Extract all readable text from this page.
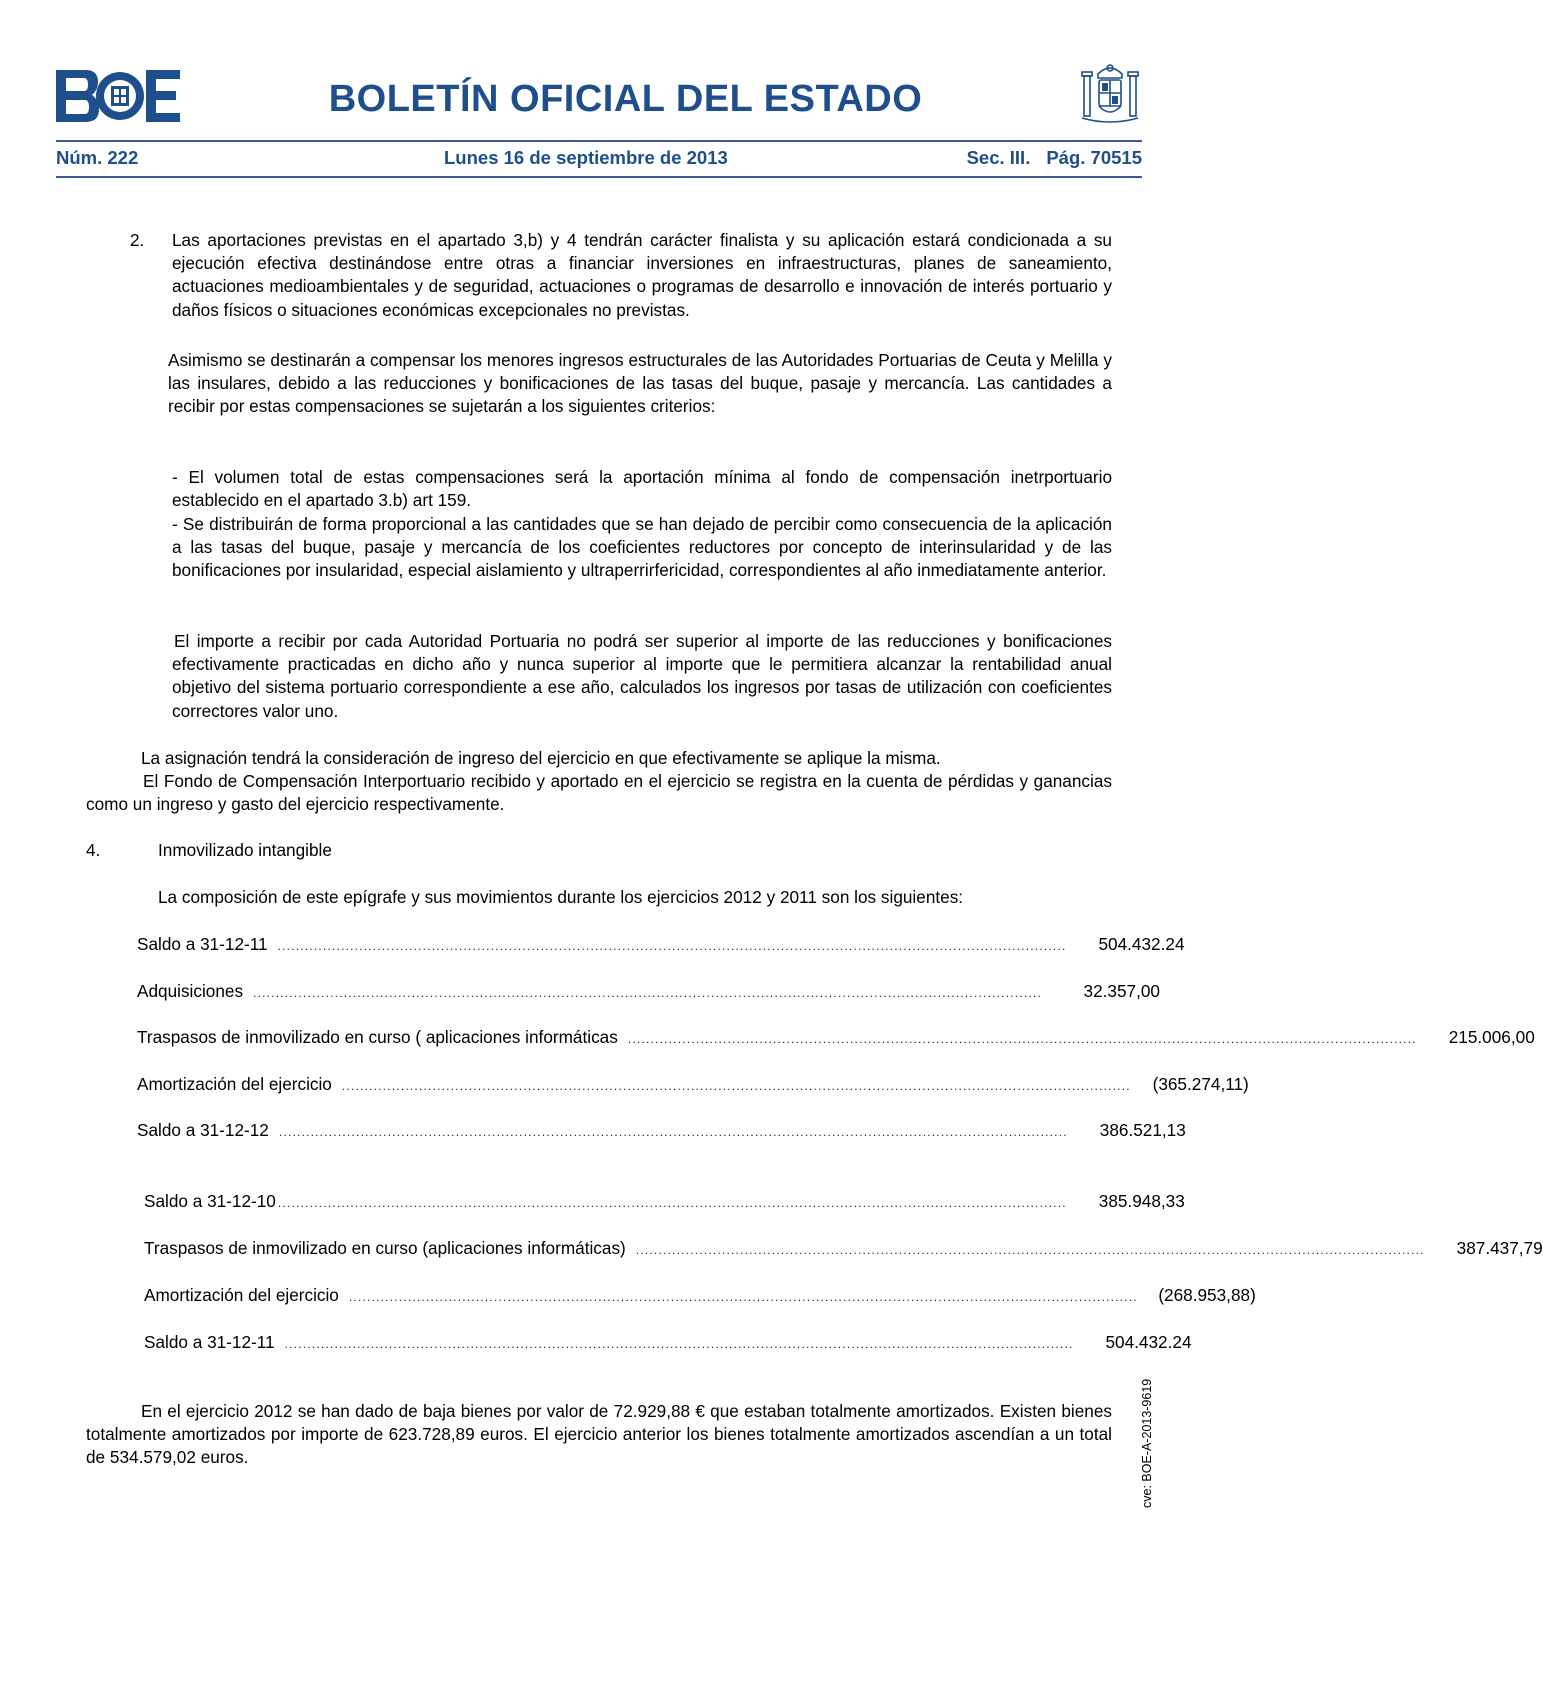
BOLETÍN OFICIAL DEL ESTADO
Núm. 222	Lunes 16 de septiembre de 2013	Sec. III. Pág. 70515
2. Las aportaciones previstas en el apartado 3,b) y 4 tendrán carácter finalista y su aplicación estará condicionada a su ejecución efectiva destinándose entre otras a financiar inversiones en infraestructuras, planes de saneamiento, actuaciones medioambientales y de seguridad, actuaciones o programas de desarrollo e innovación de interés portuario y daños físicos o situaciones económicas excepcionales no previstas.

Asimismo se destinarán a compensar los menores ingresos estructurales de las Autoridades Portuarias de Ceuta y Melilla y las insulares, debido a las reducciones y bonificaciones de las tasas del buque, pasaje y mercancía. Las cantidades a recibir por estas compensaciones se sujetarán a los siguientes criterios:

- El volumen total de estas compensaciones será la aportación mínima al fondo de compensación inetrportuario establecido en el apartado 3.b) art 159.

- Se distribuirán de forma proporcional a las cantidades que se han dejado de percibir como consecuencia de la aplicación a las tasas del buque, pasaje y mercancía de los coeficientes reductores por concepto de interinsularidad y de las bonificaciones por insularidad, especial aislamiento y ultraperrirfericidad, correspondientes al año inmediatamente anterior.

El importe a recibir por cada Autoridad Portuaria no podrá ser superior al importe de las reducciones y bonificaciones efectivamente practicadas en dicho año y nunca superior al importe que le permitiera alcanzar la rentabilidad anual objetivo del sistema portuario correspondiente a ese año, calculados los ingresos por tasas de utilización con coeficientes correctores valor uno.

La asignación tendrá la consideración de ingreso del ejercicio en que efectivamente se aplique la misma.

El Fondo de Compensación Interportuario recibido y aportado en el ejercicio se registra en la cuenta de pérdidas y ganancias como un ingreso y gasto del ejercicio respectivamente.

4.	Inmovilizado intangible

La composición de este epígrafe y sus movimientos durante los ejercicios 2012 y 2011 son los siguientes:

Saldo a 31-12-11 ..............................................................................................................................................................................	504.432.24
Adquisiciones ..............................................................................................................................................................................	32.357,00
Traspasos de inmovilizado en curso ( aplicaciones informáticas ..............................................................................................................................................................................	215.006,00
Amortización del ejercicio ..............................................................................................................................................................................	(365.274,11)
Saldo a 31-12-12 ..............................................................................................................................................................................	386.521,13
Saldo a 31-12-10 ..............................................................................................................................................................................	385.948,33
Traspasos de inmovilizado en curso (aplicaciones informáticas) ..............................................................................................................................................................................	387.437,79
Amortización del ejercicio ..............................................................................................................................................................................	(268.953,88)
Saldo a 31-12-11 ..............................................................................................................................................................................	504.432.24

En el ejercicio 2012 se han dado de baja bienes por valor de 72.929,88 € que estaban totalmente amortizados. Existen bienes totalmente amortizados por importe de 623.728,89 euros. El ejercicio anterior los bienes totalmente amortizados ascendían a un total de 534.579,02 euros.	cve: BOE-A-2013-9619
